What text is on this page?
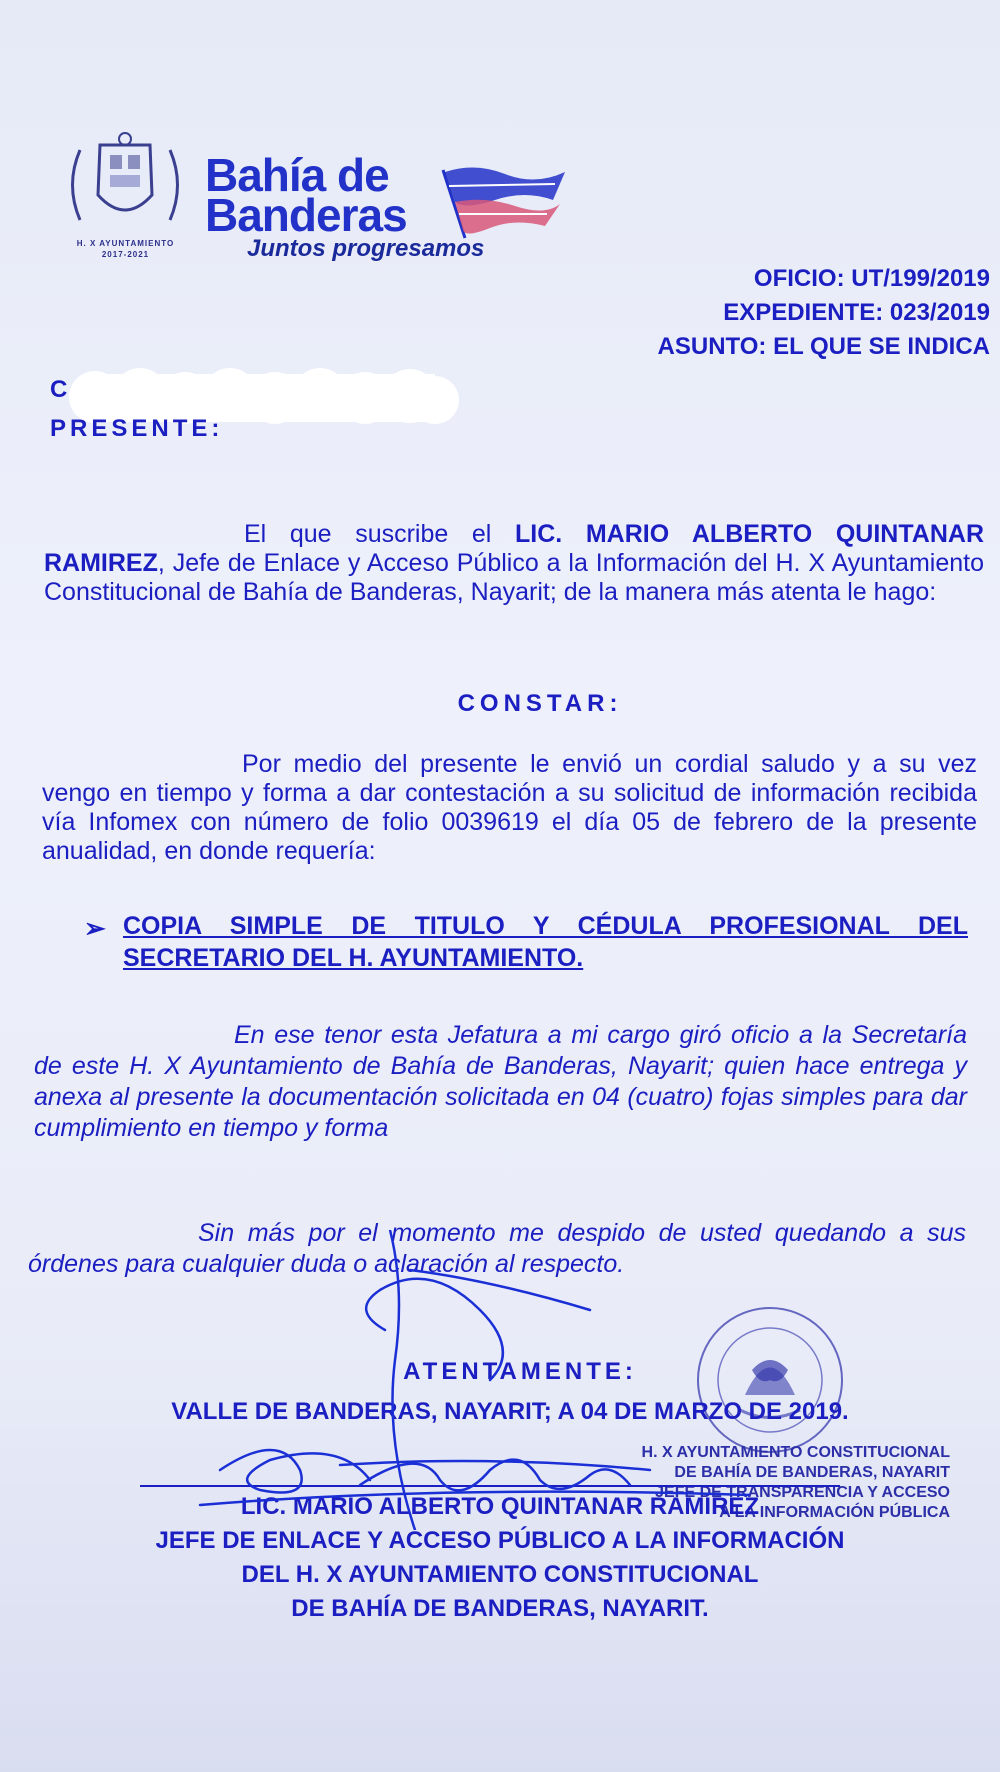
H. X AYUNTAMIENTO
2017-2021
Bahía de
Banderas
Juntos progresamos
OFICIO: UT/199/2019
EXPEDIENTE: 023/2019
ASUNTO: EL QUE SE INDICA
C
PRESENTE:

El que suscribe el LIC. MARIO ALBERTO QUINTANAR RAMIREZ, Jefe de Enlace y Acceso Público a la Información del H. X Ayuntamiento Constitucional de Bahía de Banderas, Nayarit; de la manera más atenta le hago:

CONSTAR:

Por medio del presente le envió un cordial saludo y a su vez vengo en tiempo y forma a dar contestación a su solicitud de información recibida vía Infomex con número de folio 0039619 el día 05 de febrero de la presente anualidad, en donde requería:

➢ COPIA SIMPLE DE TITULO Y CÉDULA PROFESIONAL DEL SECRETARIO DEL H. AYUNTAMIENTO.

En ese tenor esta Jefatura a mi cargo giró oficio a la Secretaría de este H. X Ayuntamiento de Bahía de Banderas, Nayarit; quien hace entrega y anexa al presente la documentación solicitada en 04 (cuatro) fojas simples para dar cumplimiento en tiempo y forma

Sin más por el momento me despido de usted quedando a sus órdenes para cualquier duda o aclaración al respecto.

ATENTAMENTE:
VALLE DE BANDERAS, NAYARIT; A 04 DE MARZO DE 2019.
H. X AYUNTAMIENTO CONSTITUCIONAL
DE BAHÍA DE BANDERAS, NAYARIT
JEFE DE TRANSPARENCIA Y ACCESO
A LA INFORMACIÓN PÚBLICA
LIC. MARIO ALBERTO QUINTANAR RAMIREZ
JEFE DE ENLACE Y ACCESO PÚBLICO A LA INFORMACIÓN
DEL H. X AYUNTAMIENTO CONSTITUCIONAL
DE BAHÍA DE BANDERAS, NAYARIT.
